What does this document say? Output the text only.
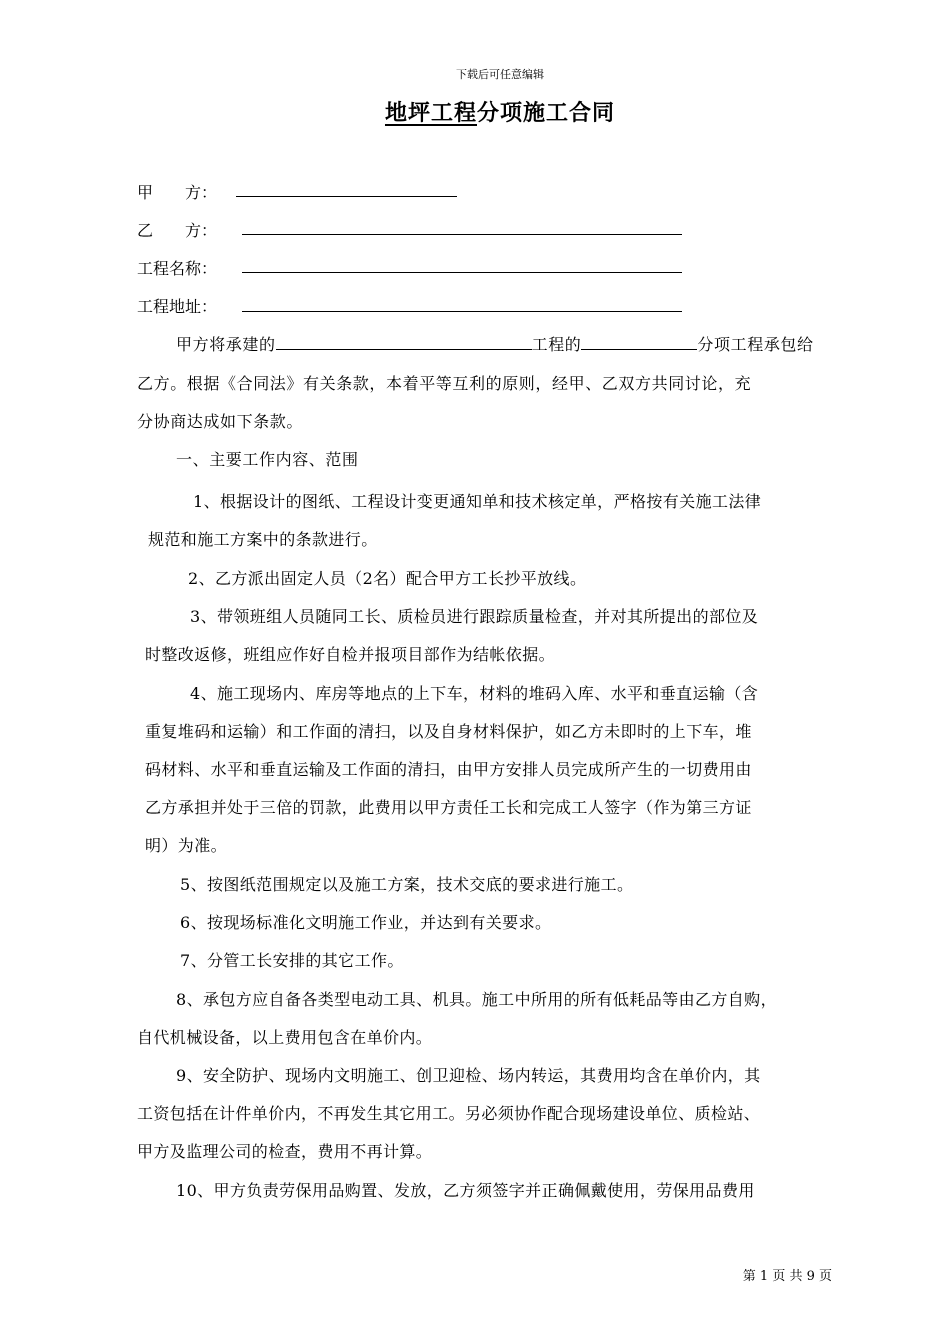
下载后可任意编辑
地坪工程分项施工合同
甲　　方：
乙　　方：
工程名称：
工程地址：
甲方将承建的	工程的	分项工程承包给
乙方。根据《合同法》有关条款，本着平等互利的原则，经甲、乙双方共同讨论，充
分协商达成如下条款。
一、主要工作内容、范围
1、根据设计的图纸、工程设计变更通知单和技术核定单，严格按有关施工法律
规范和施工方案中的条款进行。
2、乙方派出固定人员（2名）配合甲方工长抄平放线。
3、带领班组人员随同工长、质检员进行跟踪质量检查，并对其所提出的部位及
时整改返修，班组应作好自检并报项目部作为结帐依据。
4、施工现场内、库房等地点的上下车，材料的堆码入库、水平和垂直运输（含
重复堆码和运输）和工作面的清扫，以及自身材料保护，如乙方未即时的上下车，堆
码材料、水平和垂直运输及工作面的清扫，由甲方安排人员完成所产生的一切费用由
乙方承担并处于三倍的罚款，此费用以甲方责任工长和完成工人签字（作为第三方证
明）为准。
5、按图纸范围规定以及施工方案，技术交底的要求进行施工。
6、按现场标准化文明施工作业，并达到有关要求。
7、分管工长安排的其它工作。
8、承包方应自备各类型电动工具、机具。施工中所用的所有低耗品等由乙方自购，
自代机械设备，以上费用包含在单价内。
9、安全防护、现场内文明施工、创卫迎检、场内转运，其费用均含在单价内，其
工资包括在计件单价内，不再发生其它用工。另必须协作配合现场建设单位、质检站、
甲方及监理公司的检查，费用不再计算。
10、甲方负责劳保用品购置、发放，乙方须签字并正确佩戴使用，劳保用品费用
第 1 页 共 9 页
